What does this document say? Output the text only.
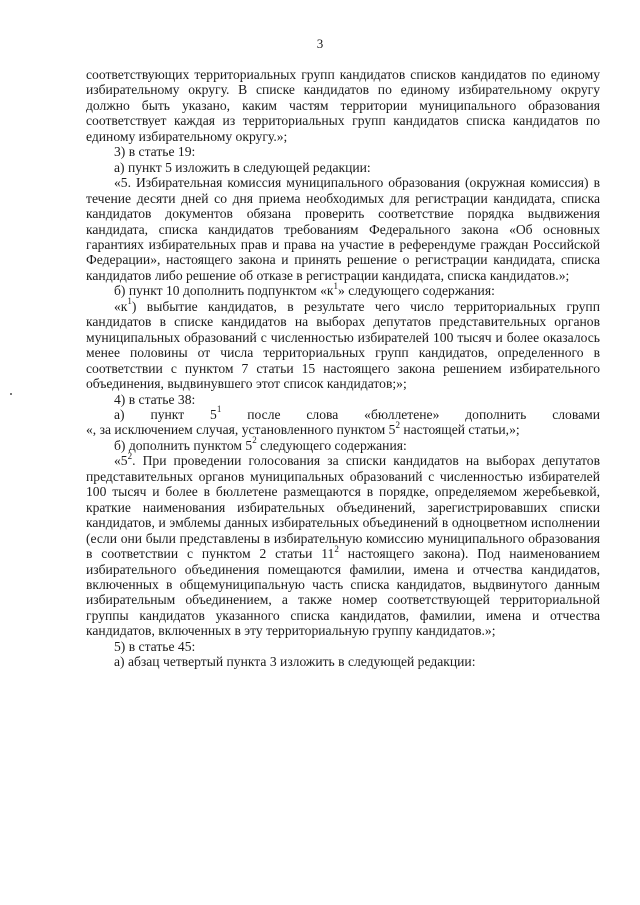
3

соответствующих территориальных групп кандидатов списков кандидатов по единому избирательному округу. В списке кандидатов по единому избирательному округу должно быть указано, каким частям территории муниципального образования соответствует каждая из территориальных групп кандидатов списка кандидатов по единому избирательному округу.»;

3) в статье 19:

а) пункт 5 изложить в следующей редакции:

«5. Избирательная комиссия муниципального образования (окружная комиссия) в течение десяти дней со дня приема необходимых для регистрации кандидата, списка кандидатов документов обязана проверить соответствие порядка выдвижения кандидата, списка кандидатов требованиям Федерального закона «Об основных гарантиях избирательных прав и права на участие в референдуме граждан Российской Федерации», настоящего закона и принять решение о регистрации кандидата, списка кандидатов либо решение об отказе в регистрации кандидата, списка кандидатов.»;

б) пункт 10 дополнить подпунктом «$к^1$» следующего содержания:

«$к^1$) выбытие кандидатов, в результате чего число территориальных групп кандидатов в списке кандидатов на выборах депутатов представительных органов муниципальных образований с численностью избирателей 100 тысяч и более оказалось менее половины от числа территориальных групп кандидатов, определенного в соответствии с пунктом 7 статьи 15 настоящего закона решением избирательного объединения, выдвинувшего этот список кандидатов;»;

4) в статье 38:

а) пункт $5^1$ после слова «бюллетене» дополнить словами

«, за исключением случая, установленного пунктом $5^2$ настоящей статьи,»;

б) дополнить пунктом $5^2$ следующего содержания:

«$5^2$. При проведении голосования за списки кандидатов на выборах депутатов представительных органов муниципальных образований с численностью избирателей 100 тысяч и более в бюллетене размещаются в порядке, определяемом жеребьевкой, краткие наименования избирательных объединений, зарегистрировавших списки кандидатов, и эмблемы данных избирательных объединений в одноцветном исполнении (если они были представлены в избирательную комиссию муниципального образования в соответствии с пунктом 2 статьи $11^2$ настоящего закона). Под наименованием избирательного объединения помещаются фамилии, имена и отчества кандидатов, включенных в общемуниципальную часть списка кандидатов, выдвинутого данным избирательным объединением, а также номер соответствующей территориальной группы кандидатов указанного списка кандидатов, фамилии, имена и отчества кандидатов, включенных в эту территориальную группу кандидатов.»;

5) в статье 45:

а) абзац четвертый пункта 3 изложить в следующей редакции:
